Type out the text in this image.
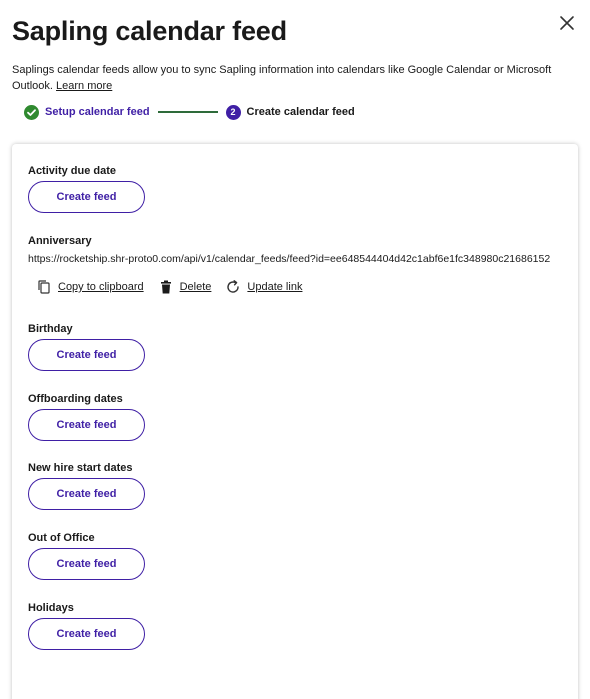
Sapling calendar feed

Saplings calendar feeds allow you to sync Sapling information into calendars like Google Calendar or Microsoft Outlook. Learn more

Setup calendar feed	2	Create calendar feed
Activity due date
Create feed
Anniversary
https://rocketship.shr-proto0.com/api/v1/calendar_feeds/feed?id=ee648544404d42c1abf6e1fc348980c21686152
Copy to clipboard	Delete	Update link
Birthday
Create feed
Offboarding dates
Create feed
New hire start dates
Create feed
Out of Office
Create feed
Holidays
Create feed
